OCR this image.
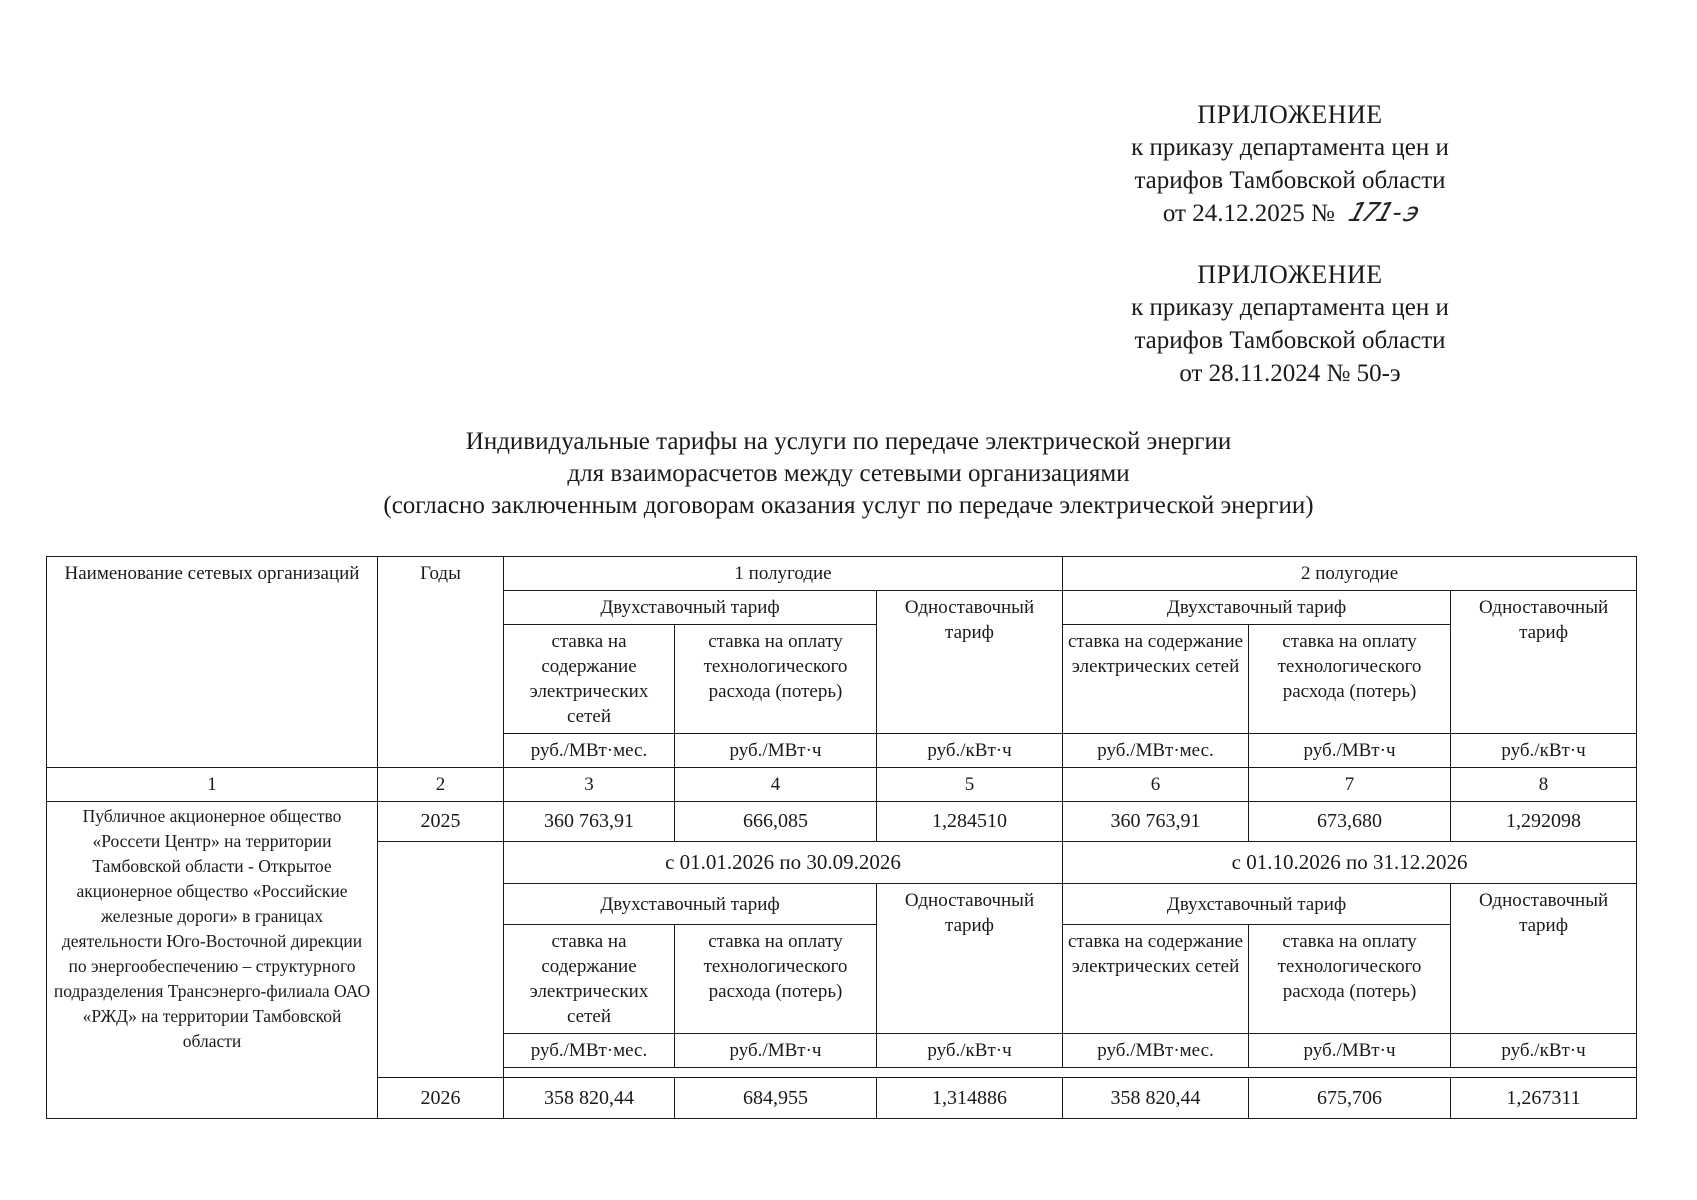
ПРИЛОЖЕНИЕ
к приказу департамента цен и
тарифов Тамбовской области
от 24.12.2025 № 171-э
ПРИЛОЖЕНИЕ
к приказу департамента цен и
тарифов Тамбовской области
от 28.11.2024 № 50-э
Индивидуальные тарифы на услуги по передаче электрической энергии
для взаиморасчетов между сетевыми организациями
(согласно заключенным договорам оказания услуг по передаче электрической энергии)
Наименование сетевых организаций	Годы	1 полугодие			2 полугодие		
		Двухставочный тариф		Одноставочный тариф	Двухставочный тариф		Одноставочный тариф
		ставка на содержание электрических сетей	ставка на оплату технологического расхода (потерь)		ставка на содержание электрических сетей	ставка на оплату технологического расхода (потерь)	
		руб./МВт·мес.	руб./МВт·ч	руб./кВт·ч	руб./МВт·мес.	руб./МВт·ч	руб./кВт·ч
1	2	3	4	5	6	7	8
Публичное акционерное общество «Россети Центр» на территории Тамбовской области - Открытое акционерное общество «Российские железные дороги» в границах деятельности Юго-Восточной дирекции по энергообеспечению – структурного подразделения Трансэнерго-филиала ОАО «РЖД» на территории Тамбовской области	2025	360 763,91	666,085	1,284510	360 763,91	673,680	1,292098
		с 01.01.2026 по 30.09.2026			с 01.10.2026 по 31.12.2026		
		Двухставочный тариф		Одноставочный тариф	Двухставочный тариф		Одноставочный тариф
		ставка на содержание электрических сетей	ставка на оплату технологического расхода (потерь)		ставка на содержание электрических сетей	ставка на оплату технологического расхода (потерь)	
		руб./МВт·мес.	руб./МВт·ч	руб./кВт·ч	руб./МВт·мес.	руб./МВт·ч	руб./кВт·ч

	2026	358 820,44	684,955	1,314886	358 820,44	675,706	1,267311
